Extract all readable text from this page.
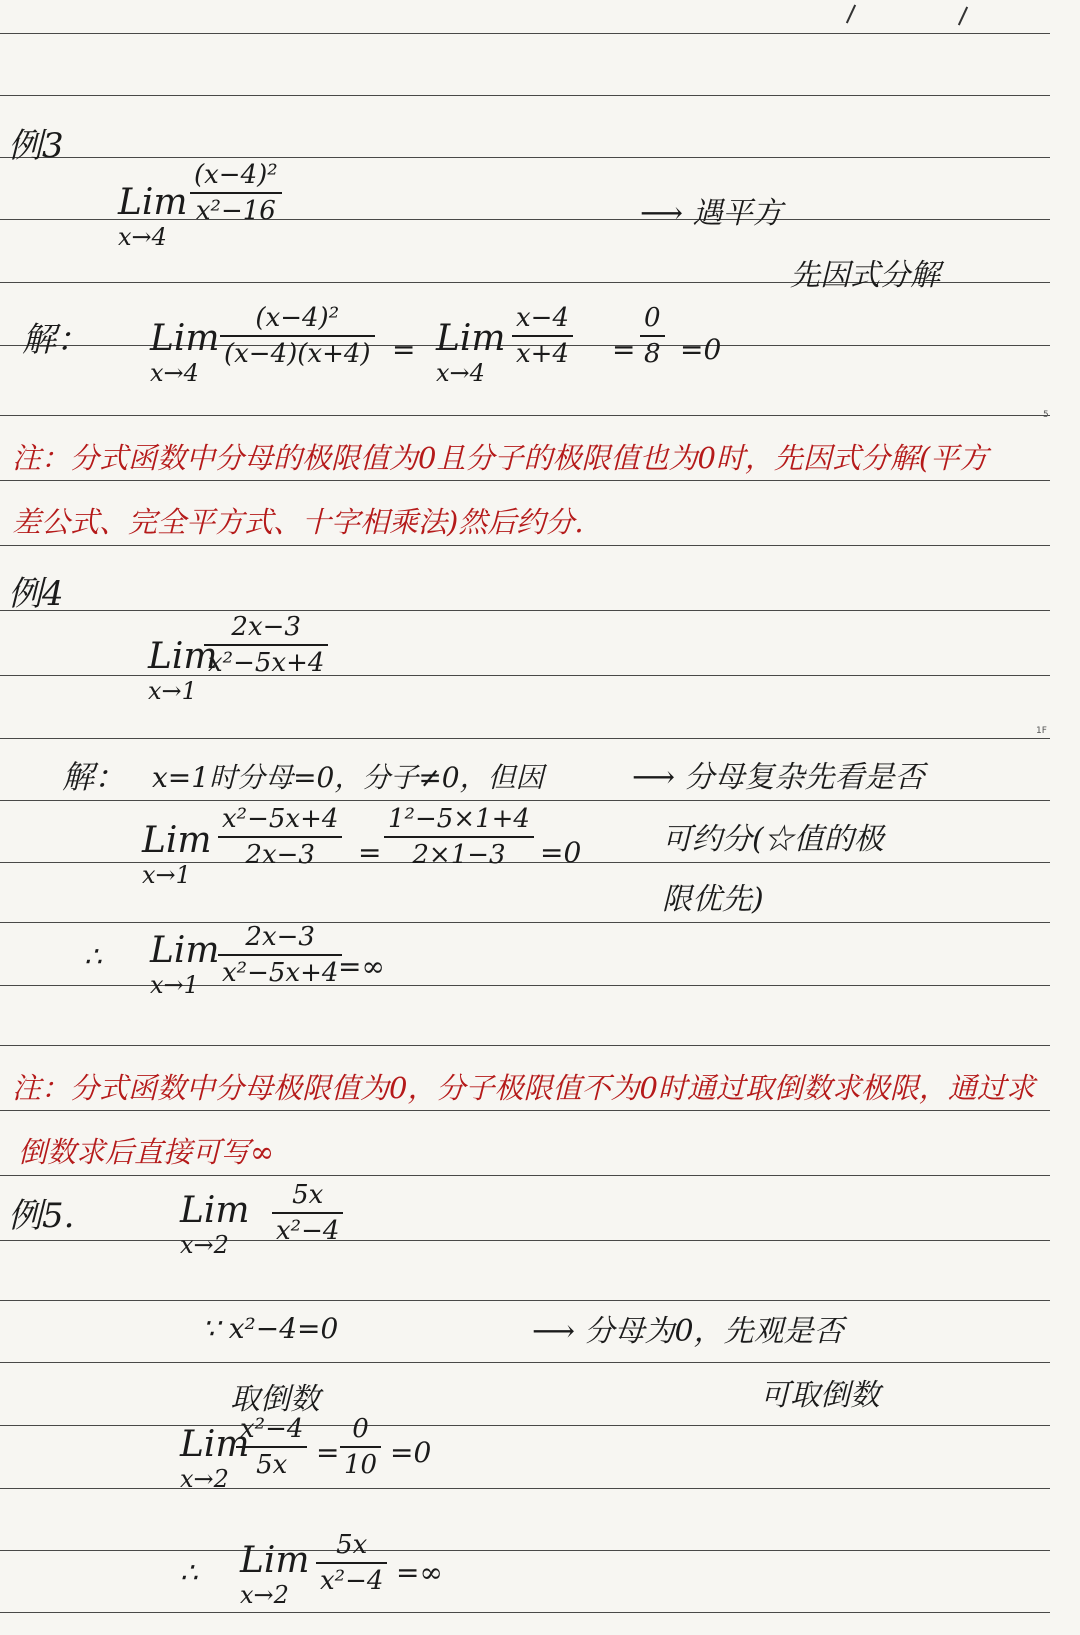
5
1F
例3
Lim
x→4
(x−4)²
x²−16	⟶ 遇平方
先因式分解
解： Lim
x→4
(x−4)²
(x−4)(x+4) = Lim
x→4
x−4
x+4 =
0
8 =0
注：分式函数中分母的极限值为0且分子的极限值也为0时，先因式分解(平方
差公式、完全平方式、十字相乘法)然后约分.
例4
Lim
x→1
2x−3
x²−5x+4
解： x=1时分母=0，分子≠0，但因	⟶ 分母复杂先看是否
可约分(☆值的极
限优先)
Lim
x→1
x²−5x+4
2x−3 =
1²−5×1+4
2×1−3 =0
∴ Lim
x→1
2x−3
x²−5x+4 =∞
注：分式函数中分母极限值为0，分子极限值不为0时通过取倒数求极限，通过求
倒数求后直接可写∞
例5.	Lim
x→2
5x
x²−4
∵ x²−4=0
取倒数
⟶ 分母为0，先观是否
可取倒数
Lim
x→2
x²−4
5x =
0
10 =0
∴ Lim
x→2
5x
x²−4 =∞
